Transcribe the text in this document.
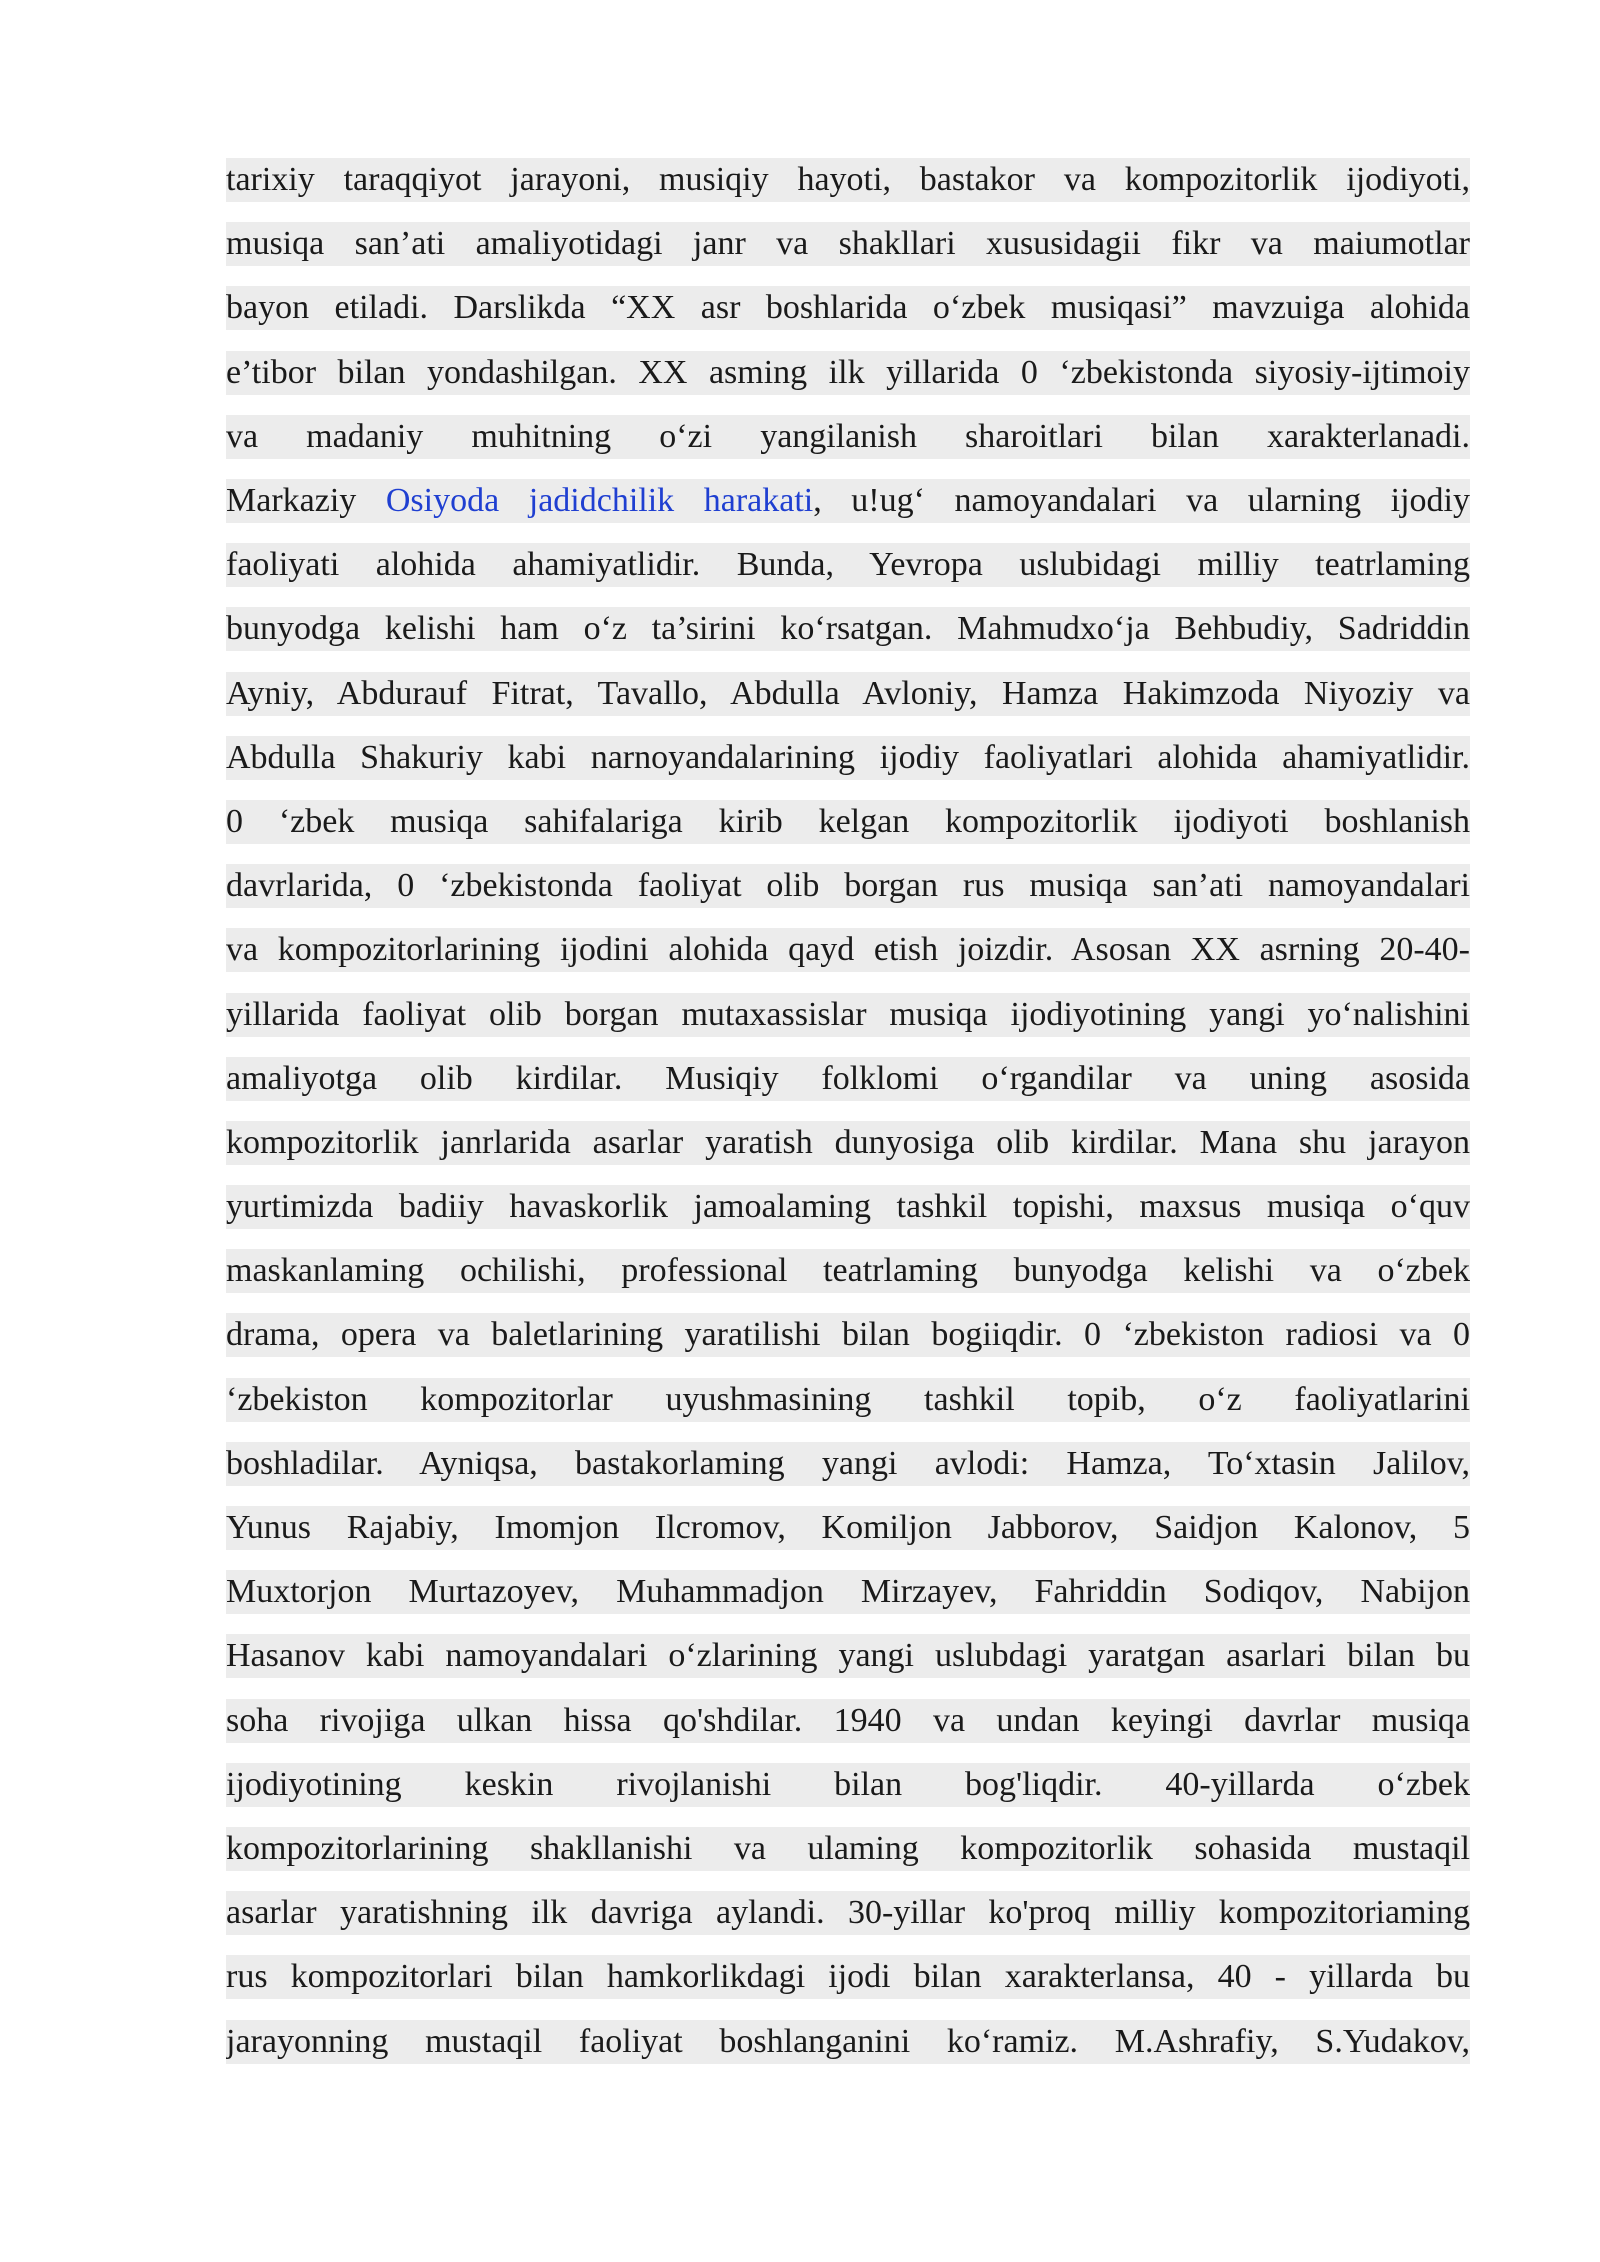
tarixiy taraqqiyot jarayoni, musiqiy hayoti, bastakor va kompozitorlik ijodiyoti,
musiqa san’ati amaliyotidagi janr va shakllari xususidagii fikr va maiumotlar
bayon etiladi. Darslikda “XX asr boshlarida o‘zbek musiqasi” mavzuiga alohida
e’tibor bilan yondashilgan. XX asming ilk yillarida 0 ‘zbekistonda siyosiy-ijtimoiy
va madaniy muhitning o‘zi yangilanish sharoitlari bilan xarakterlanadi.
Markaziy Osiyoda jadidchilik harakati, u!ug‘ namoyandalari va ularning ijodiy
faoliyati alohida ahamiyatlidir. Bunda, Yevropa uslubidagi milliy teatrlaming
bunyodga kelishi ham o‘z ta’sirini ko‘rsatgan. Mahmudxo‘ja Behbudiy, Sadriddin
Ayniy, Abdurauf Fitrat, Tavallo, Abdulla Avloniy, Hamza Hakimzoda Niyoziy va
Abdulla Shakuriy kabi narnoyandalarining ijodiy faoliyatlari alohida ahamiyatlidir.
0 ‘zbek musiqa sahifalariga kirib kelgan kompozitorlik ijodiyoti boshlanish
davrlarida, 0 ‘zbekistonda faoliyat olib borgan rus musiqa san’ati namoyandalari
va kompozitorlarining ijodini alohida qayd etish joizdir. Asosan XX asrning 20-40-
yillarida faoliyat olib borgan mutaxassislar musiqa ijodiyotining yangi yo‘nalishini
amaliyotga olib kirdilar. Musiqiy folklomi o‘rgandilar va uning asosida
kompozitorlik janrlarida asarlar yaratish dunyosiga olib kirdilar. Mana shu jarayon
yurtimizda badiiy havaskorlik jamoalaming tashkil topishi, maxsus musiqa o‘quv
maskanlaming ochilishi, professional teatrlaming bunyodga kelishi va o‘zbek
drama, opera va baletlarining yaratilishi bilan bogiiqdir. 0 ‘zbekiston radiosi va 0
‘zbekiston kompozitorlar uyushmasining tashkil topib, o‘z faoliyatlarini
boshladilar. Ayniqsa, bastakorlaming yangi avlodi: Hamza, To‘xtasin Jalilov,
Yunus Rajabiy, Imomjon Ilcromov, Komiljon Jabborov, Saidjon Kalonov, 5
Muxtorjon Murtazoyev, Muhammadjon Mirzayev, Fahriddin Sodiqov, Nabijon
Hasanov kabi namoyandalari o‘zlarining yangi uslubdagi yaratgan asarlari bilan bu
soha rivojiga ulkan hissa qo'shdilar. 1940 va undan keyingi davrlar musiqa
ijodiyotining keskin rivojlanishi bilan bog'liqdir. 40-yillarda o‘zbek
kompozitorlarining shakllanishi va ulaming kompozitorlik sohasida mustaqil
asarlar yaratishning ilk davriga aylandi. 30-yillar ko'proq milliy kompozitoriaming
rus kompozitorlari bilan hamkorlikdagi ijodi bilan xarakterlansa, 40 - yillarda bu
jarayonning mustaqil faoliyat boshlanganini ko‘ramiz. M.Ashrafiy, S.Yudakov,
